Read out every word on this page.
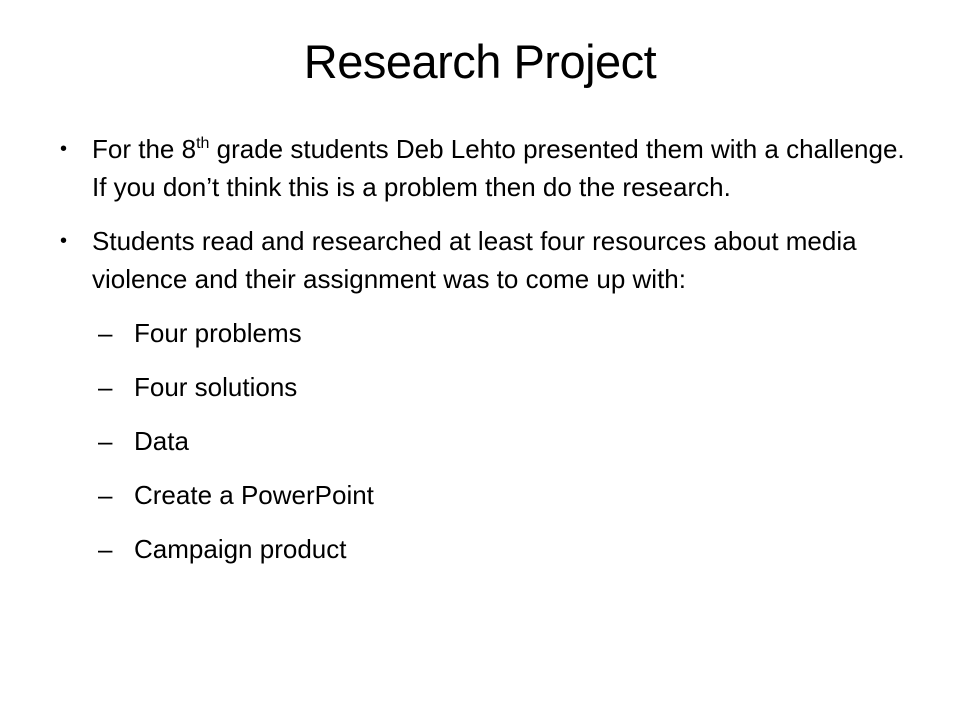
Research Project
• For the 8th grade students Deb Lehto presented them with a challenge. If you don’t think this is a problem then do the research.
• Students read and researched at least four resources about media violence and their assignment was to come up with:
– Four problems
– Four solutions
– Data
– Create a PowerPoint
– Campaign product
